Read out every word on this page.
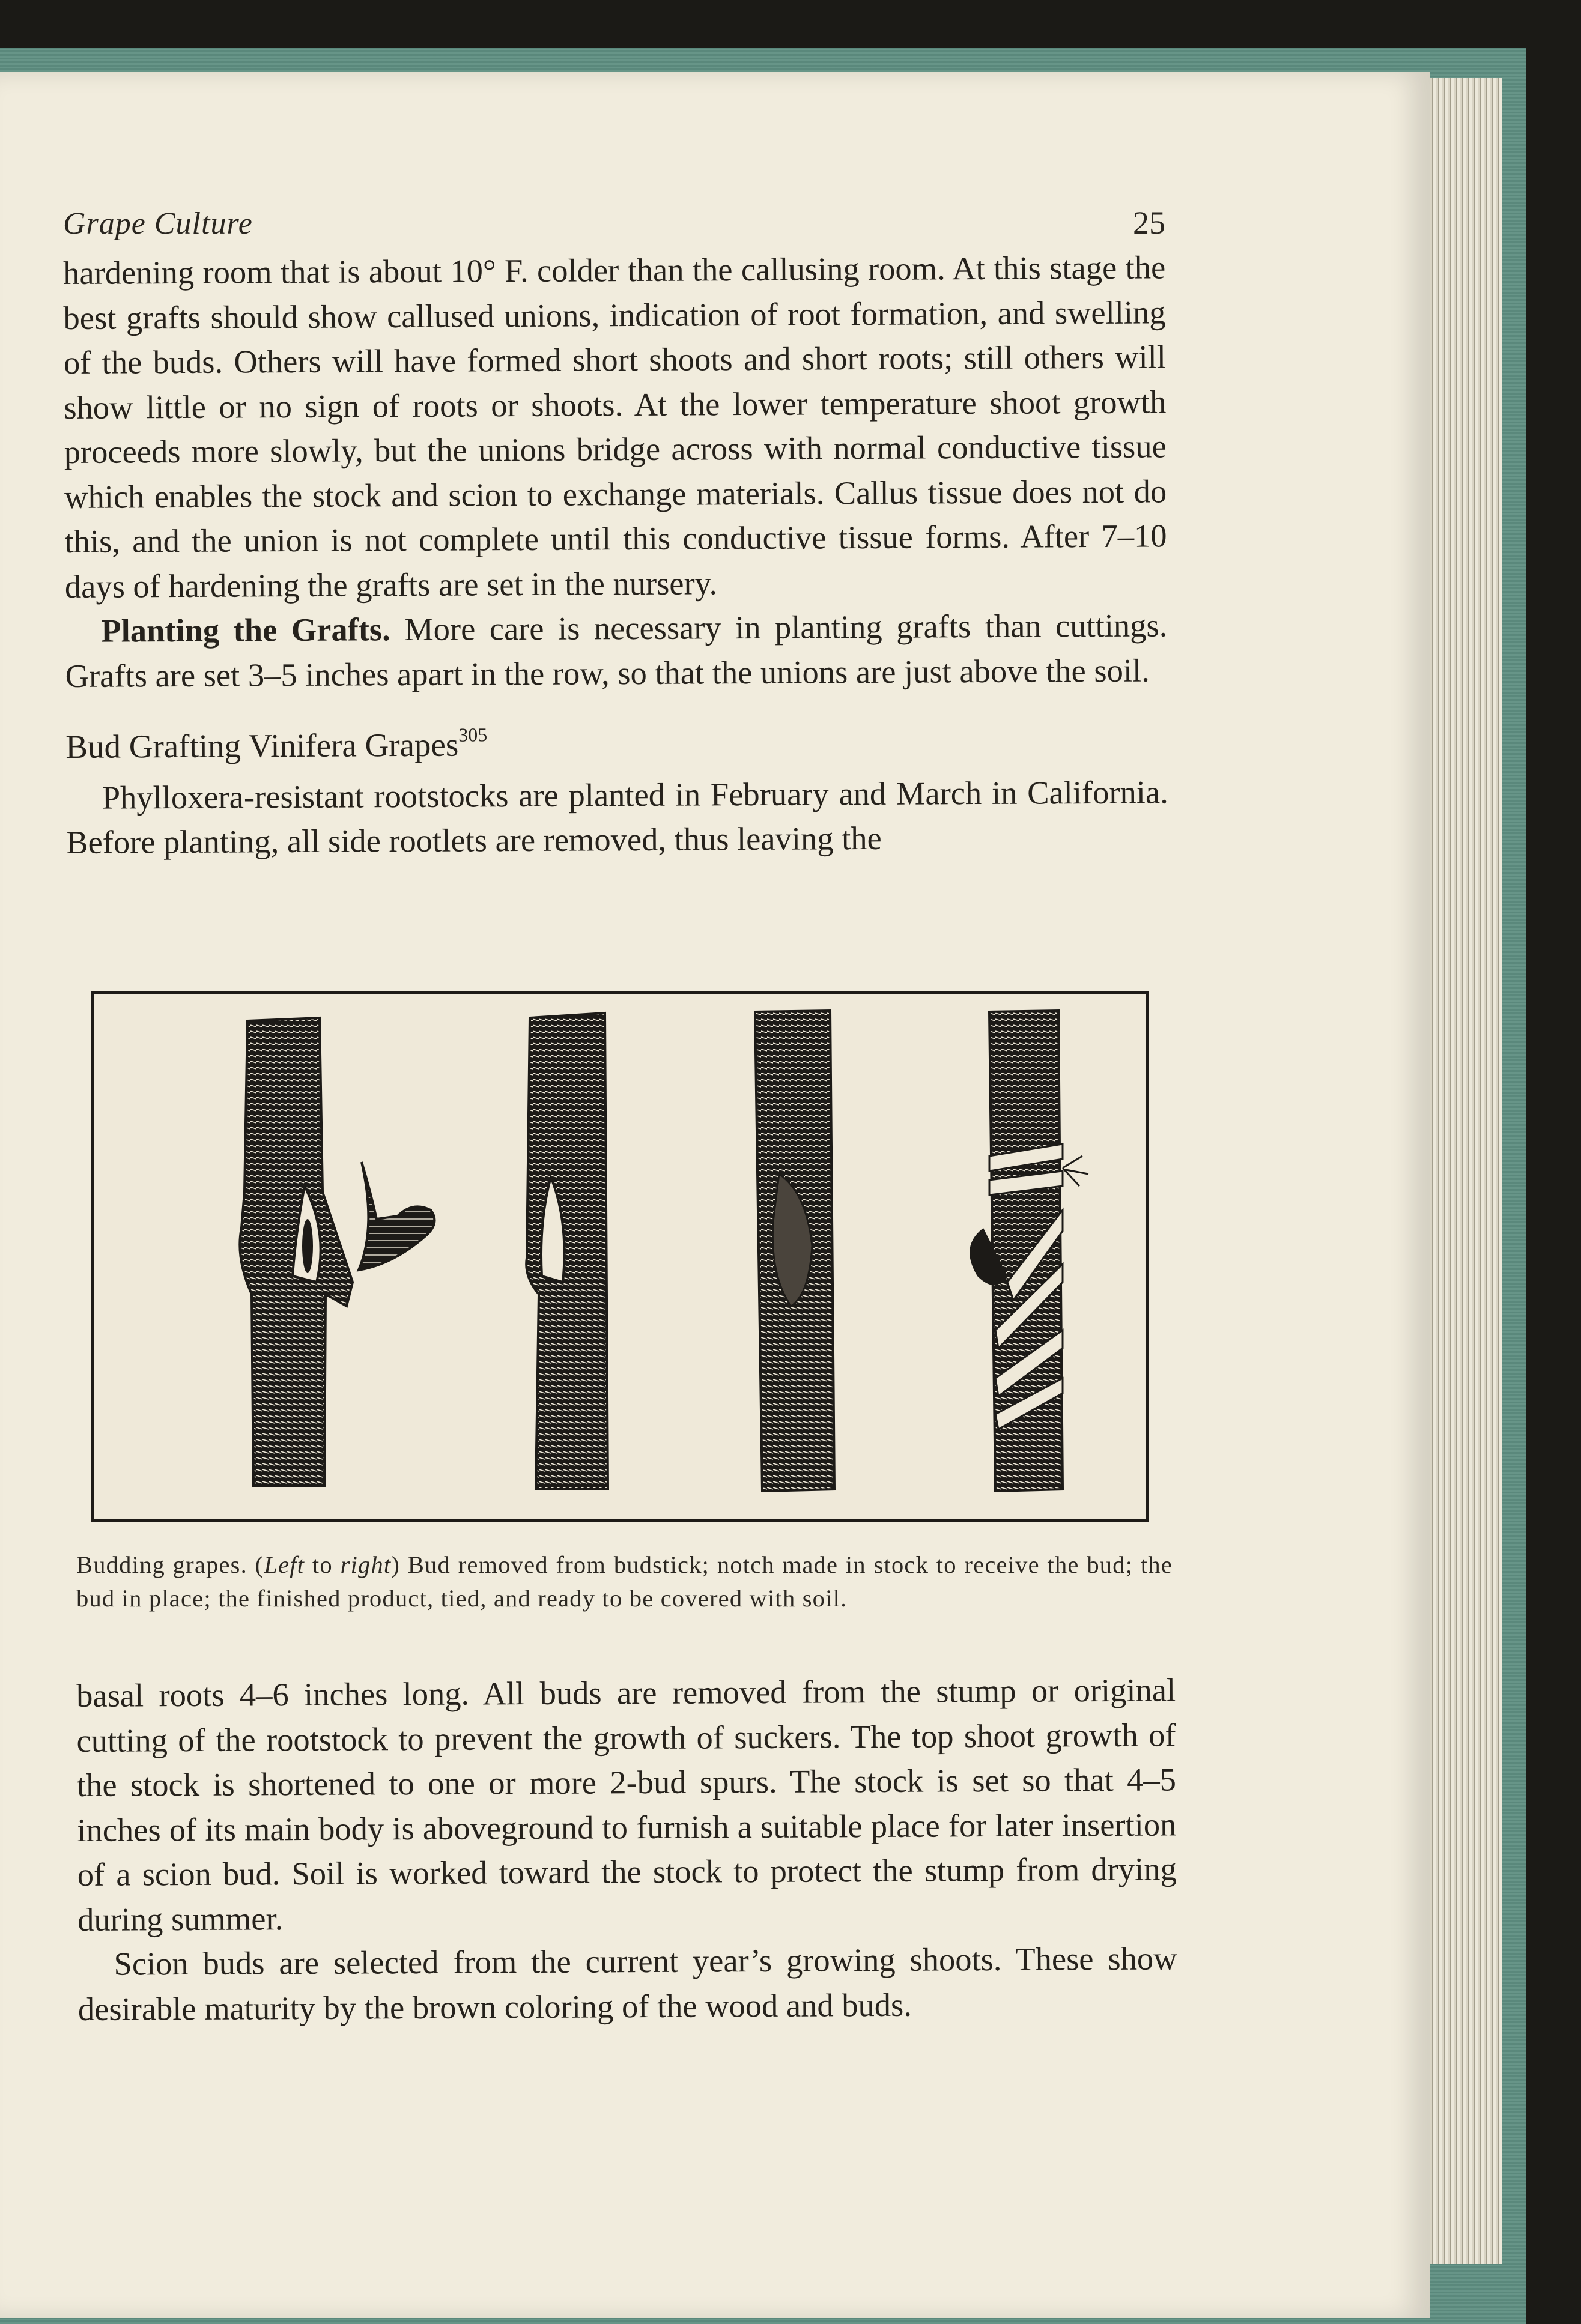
Grape Culture	25

hardening room that is about 10° F. colder than the callusing room. At this stage the best grafts should show callused unions, indication of root formation, and swelling of the buds. Others will have formed short shoots and short roots; still others will show little or no sign of roots or shoots. At the lower temperature shoot growth proceeds more slowly, but the unions bridge across with normal conductive tissue which enables the stock and scion to exchange materials. Callus tissue does not do this, and the union is not complete until this conductive tissue forms. After 7–10 days of hardening the grafts are set in the nursery.

Planting the Grafts. More care is necessary in planting grafts than cuttings. Grafts are set 3–5 inches apart in the row, so that the unions are just above the soil.

Bud Grafting Vinifera Grapes$^{305}$

Phylloxera-resistant rootstocks are planted in February and March in California. Before planting, all side rootlets are removed, thus leaving the

Budding grapes. (Left to right) Bud removed from budstick; notch made in stock to receive the bud; the bud in place; the finished product, tied, and ready to be covered with soil.

basal roots 4–6 inches long. All buds are removed from the stump or original cutting of the rootstock to prevent the growth of suckers. The top shoot growth of the stock is shortened to one or more 2-bud spurs. The stock is set so that 4–5 inches of its main body is aboveground to furnish a suitable place for later insertion of a scion bud. Soil is worked toward the stock to protect the stump from drying during summer.

Scion buds are selected from the current year’s growing shoots. These show desirable maturity by the brown coloring of the wood and buds.
